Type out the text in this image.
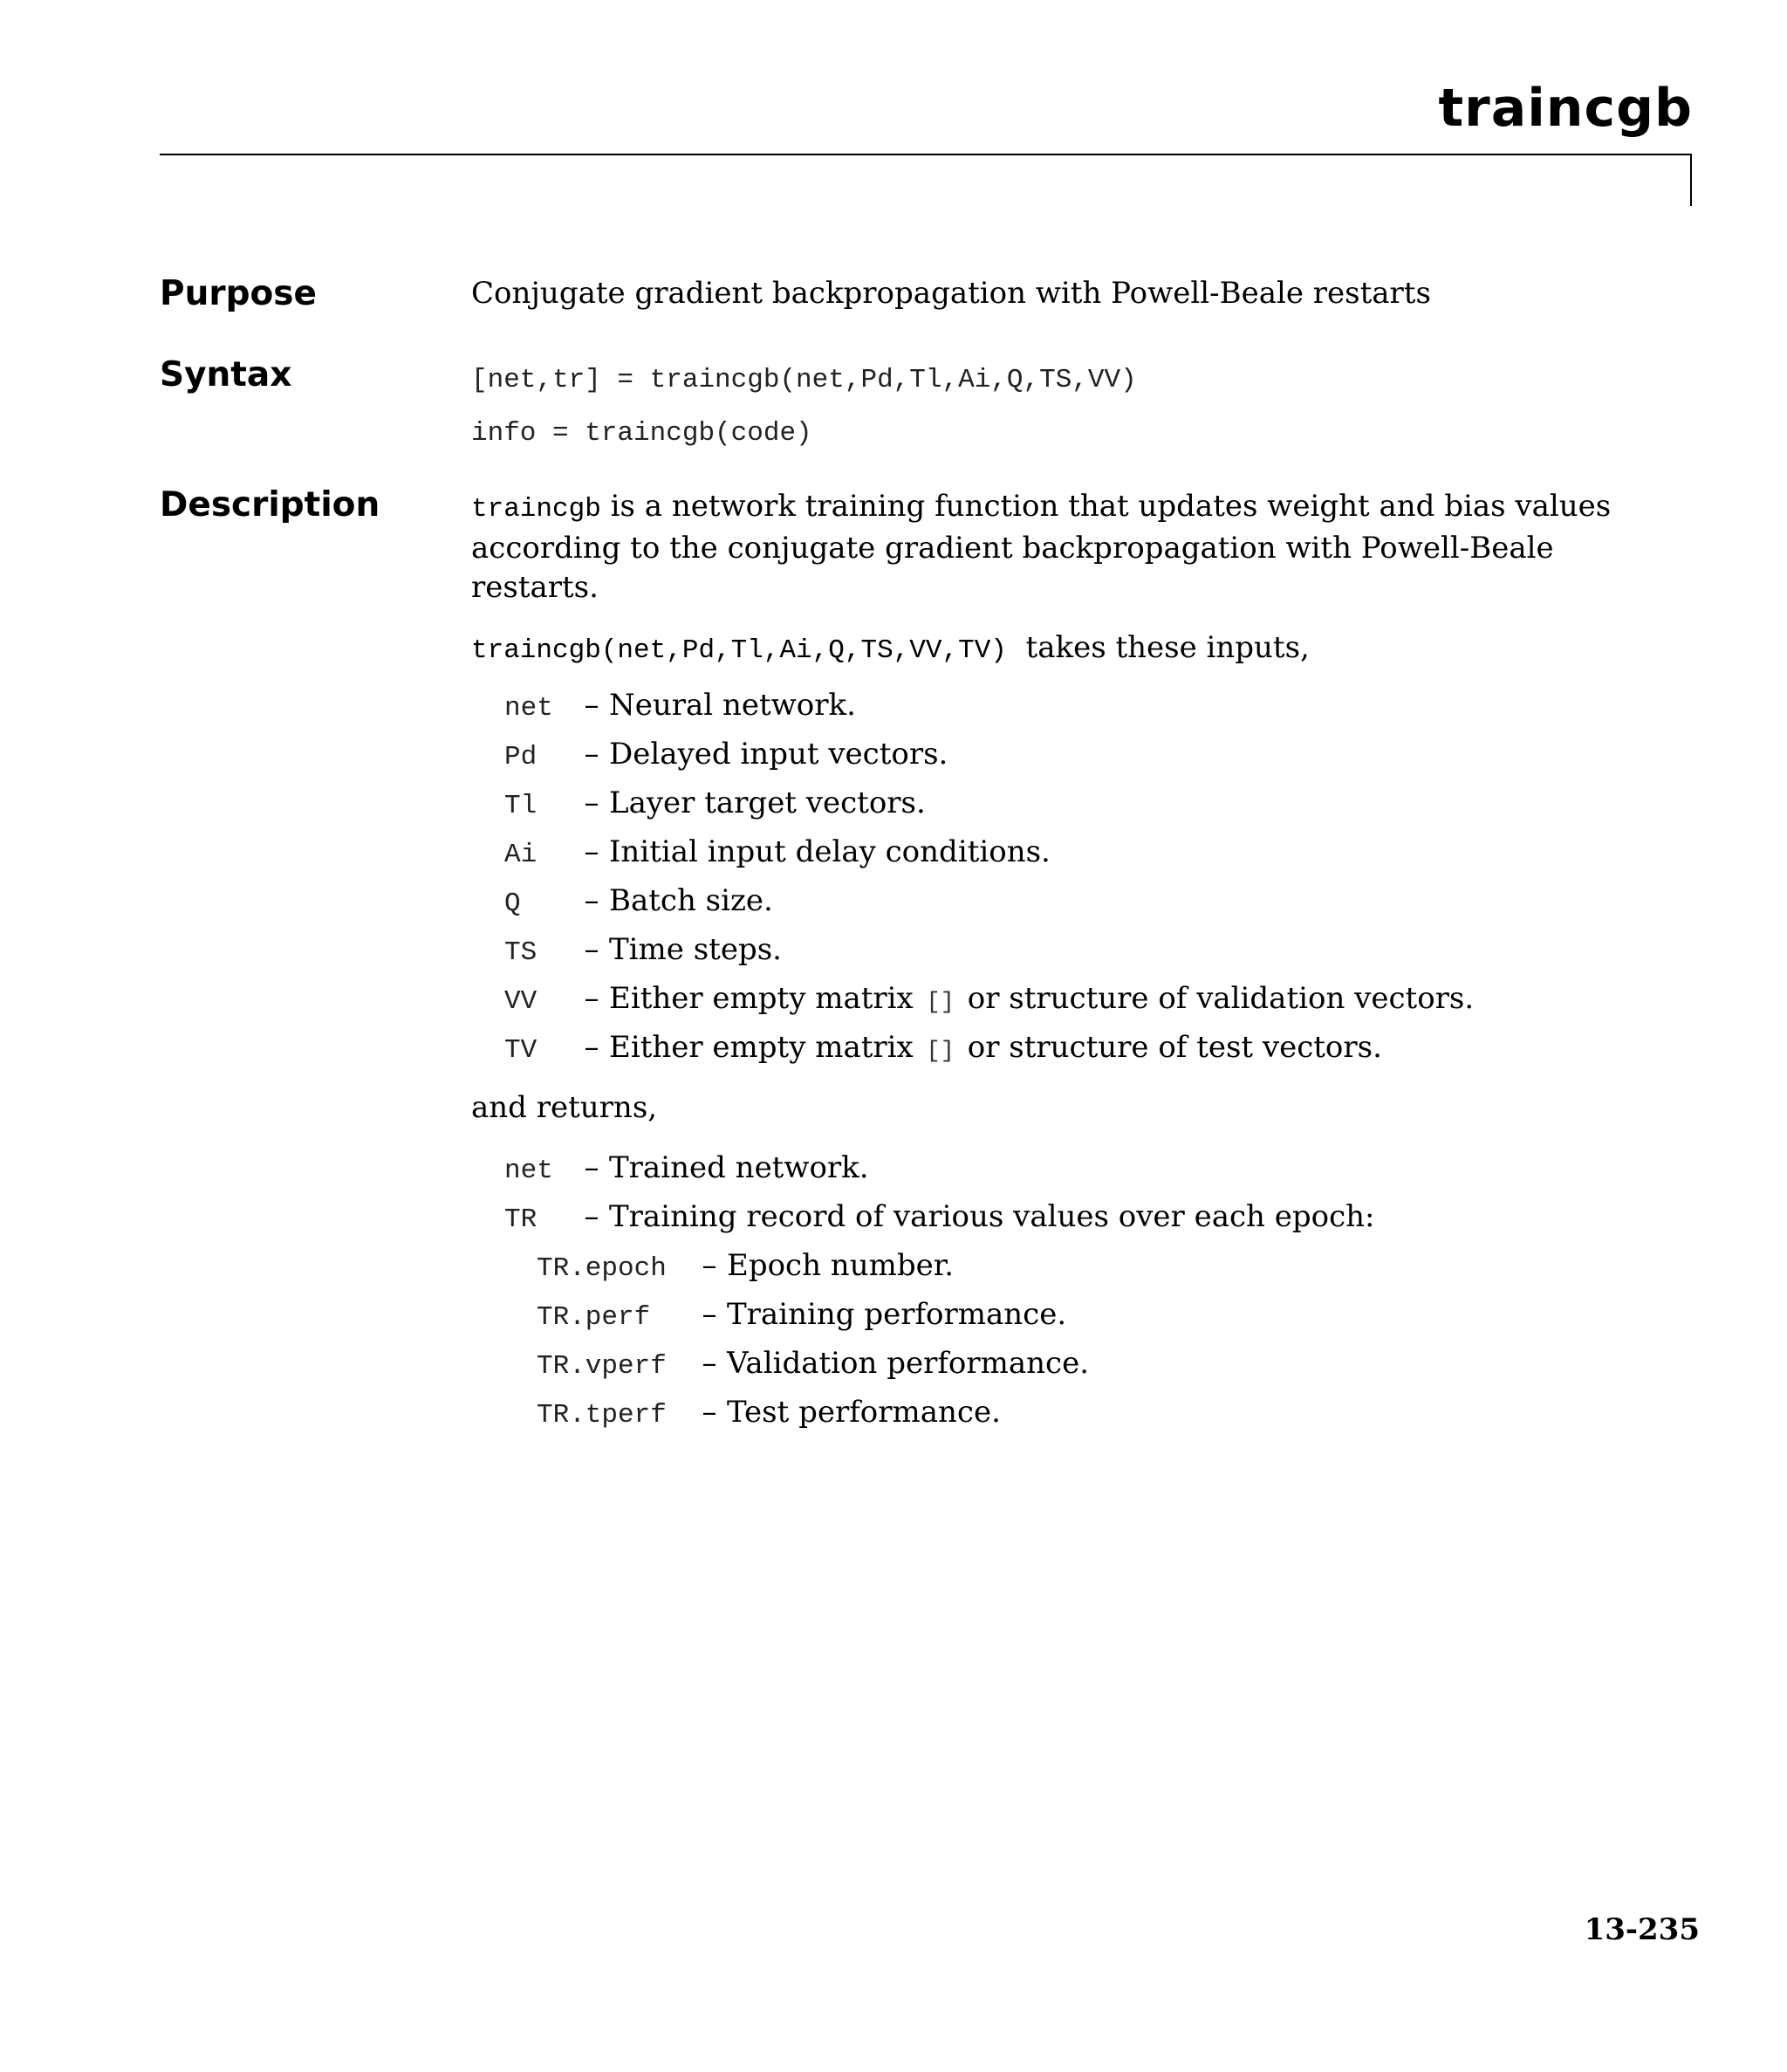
traincgb
Purpose	Conjugate gradient backpropagation with Powell-Beale restarts
Syntax	[net,tr] = traincgb(net,Pd,Tl,Ai,Q,TS,VV)
info = traincgb(code)
Description	traincgb is a network training function that updates weight and bias values
according to the conjugate gradient backpropagation with Powell-Beale
restarts.
traincgb(net,Pd,Tl,Ai,Q,TS,VV,TV) takes these inputs,
net	– Neural network.
Pd	– Delayed input vectors.
Tl	– Layer target vectors.
Ai	– Initial input delay conditions.
Q	– Batch size.
TS	– Time steps.
VV	– Either empty matrix [] or structure of validation vectors.
TV	– Either empty matrix [] or structure of test vectors.
and returns,
net	– Trained network.
TR	– Training record of various values over each epoch:
TR.epoch	– Epoch number.
TR.perf	– Training performance.
TR.vperf	– Validation performance.
TR.tperf	– Test performance.
13-235
